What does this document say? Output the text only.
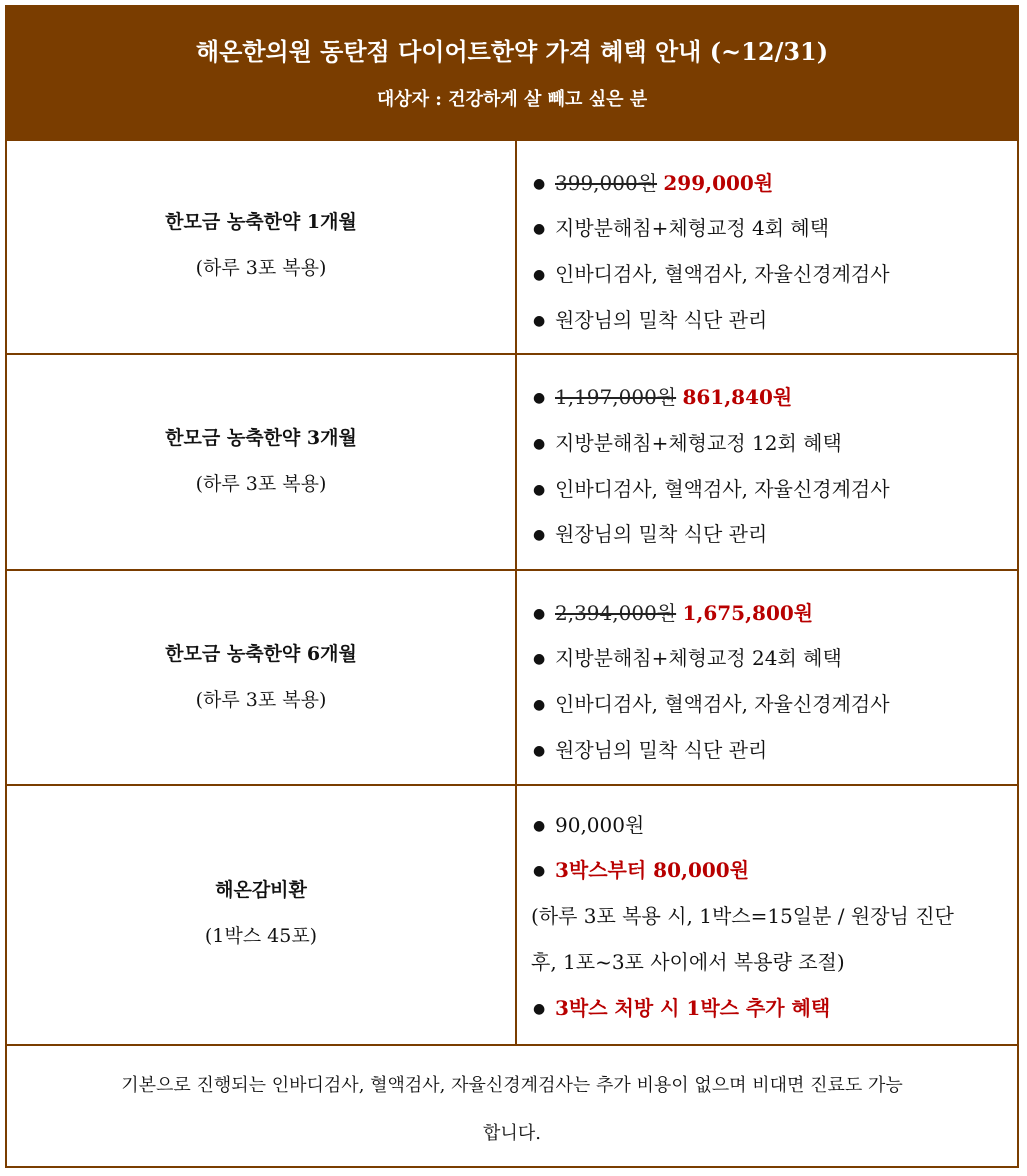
해온한의원 동탄점 다이어트한약 가격 혜택 안내 (~12/31)
대상자 : 건강하게 살 빼고 싶은 분
한모금 농축한약 1개월
(하루 3포 복용)
● 399,000원 299,000원
● 지방분해침+체형교정 4회 혜택
● 인바디검사, 혈액검사, 자율신경계검사
● 원장님의 밀착 식단 관리
한모금 농축한약 3개월
(하루 3포 복용)
● 1,197,000원 861,840원
● 지방분해침+체형교정 12회 혜택
● 인바디검사, 혈액검사, 자율신경계검사
● 원장님의 밀착 식단 관리
한모금 농축한약 6개월
(하루 3포 복용)
● 2,394,000원 1,675,800원
● 지방분해침+체형교정 24회 혜택
● 인바디검사, 혈액검사, 자율신경계검사
● 원장님의 밀착 식단 관리
해온감비환
(1박스 45포)
● 90,000원
● 3박스부터 80,000원
(하루 3포 복용 시, 1박스=15일분 / 원장님 진단
후, 1포~3포 사이에서 복용량 조절)
● 3박스 처방 시 1박스 추가 혜택
기본으로 진행되는 인바디검사, 혈액검사, 자율신경계검사는 추가 비용이 없으며 비대면 진료도 가능
합니다.
